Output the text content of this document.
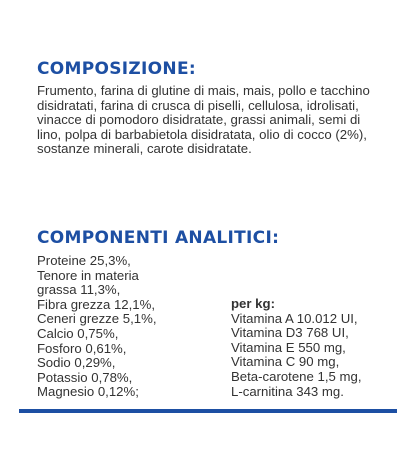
COMPOSIZIONE:

Frumento, farina di glutine di mais, mais, pollo e tacchino disidratati, farina di crusca di piselli, cellulosa, idrolisati, vinacce di pomodoro disidratate, grassi animali, semi di lino, polpa di barbabietola disidratata, olio di cocco (2%), sostanze minerali, carote disidratate.

COMPONENTI ANALITICI:
Proteine 25,3%,
Tenore in materia
grassa 11,3%,
Fibra grezza 12,1%,
Ceneri grezze 5,1%,
Calcio 0,75%,
Fosforo 0,61%,
Sodio 0,29%,
Potassio 0,78%,
Magnesio 0,12%;
per kg:
Vitamina A 10.012 UI,
Vitamina D3 768 UI,
Vitamina E 550 mg,
Vitamina C 90 mg,
Beta-carotene 1,5 mg,
L-carnitina 343 mg.
